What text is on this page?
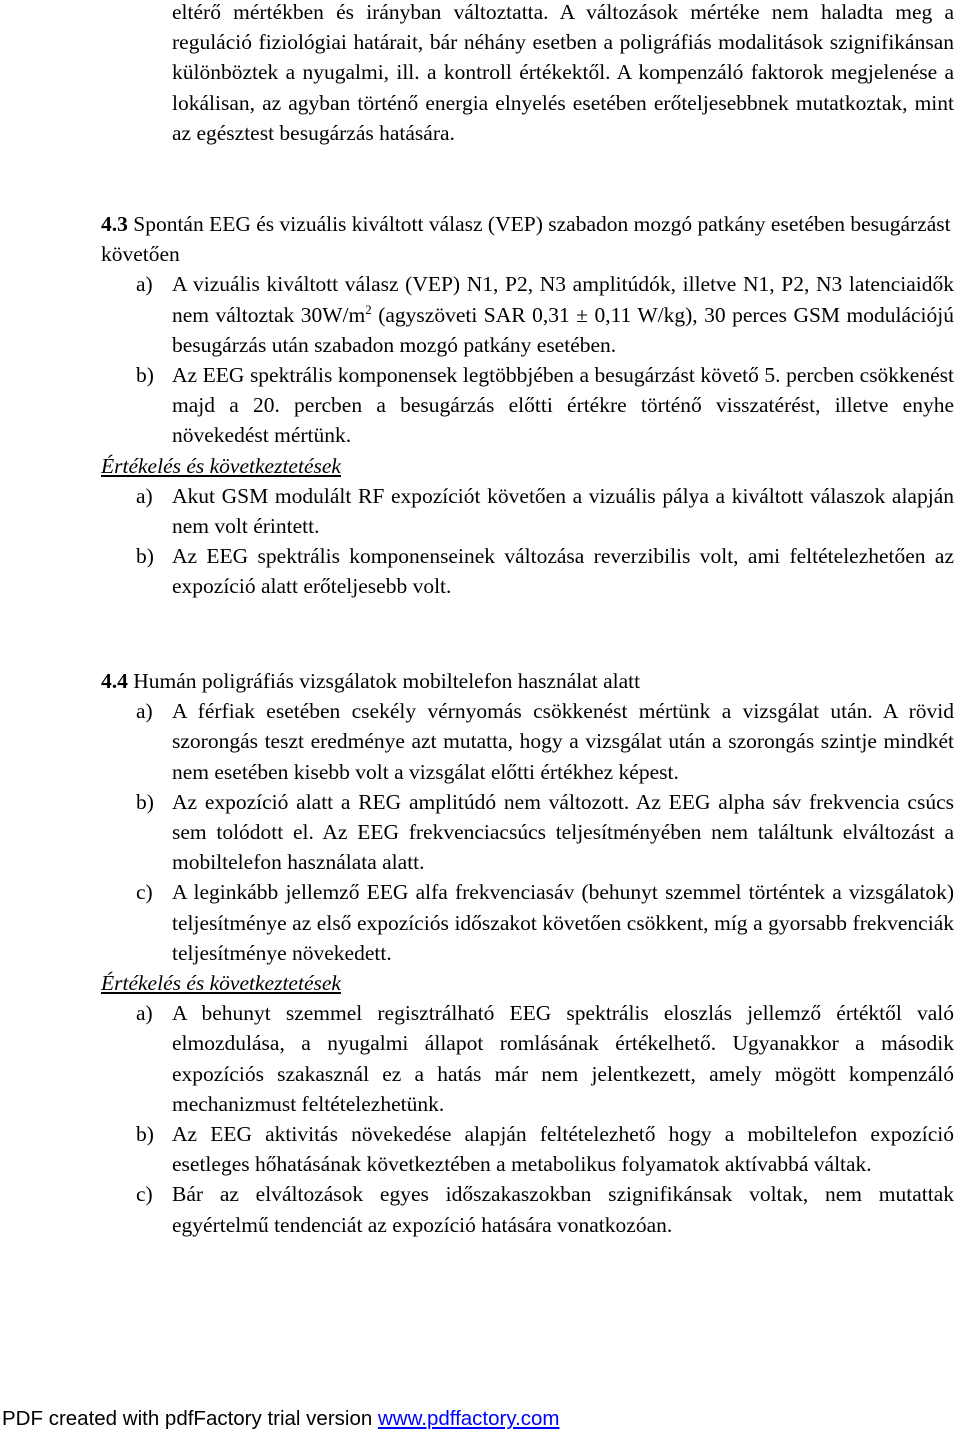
eltérő mértékben és irányban változtatta. A változások mértéke nem haladta meg a reguláció fiziológiai határait, bár néhány esetben a poligráfiás modalitások szignifikánsan különböztek a nyugalmi, ill. a kontroll értékektől. A kompenzáló faktorok megjelenése a lokálisan, az agyban történő energia elnyelés esetében erőteljesebbnek mutatkoztak, mint az egésztest besugárzás hatására.

4.3 Spontán EEG és vizuális kiváltott válasz (VEP) szabadon mozgó patkány esetében besugárzást követően
a) A vizuális kiváltott válasz (VEP) N1, P2, N3 amplitúdók, illetve N1, P2, N3 latenciaidők nem változtak $30W/m^2$ (agyszöveti SAR 0,31 ± 0,11 W/kg), 30 perces GSM modulációjú besugárzás után szabadon mozgó patkány esetében.

b) Az EEG spektrális komponensek legtöbbjében a besugárzást követő 5. percben csökkenést majd a 20. percben a besugárzás előtti értékre történő visszatérést, illetve enyhe növekedést mértünk.

Értékelés és következtetések

a) Akut GSM modulált RF expozíciót követően a vizuális pálya a kiváltott válaszok alapján nem volt érintett.

b) Az EEG spektrális komponenseinek változása reverzibilis volt, ami feltételezhetően az expozíció alatt erőteljesebb volt.

4.4 Humán poligráfiás vizsgálatok mobiltelefon használat alatt
a) A férfiak esetében csekély vérnyomás csökkenést mértünk a vizsgálat után. A rövid szorongás teszt eredménye azt mutatta, hogy a vizsgálat után a szorongás szintje mindkét nem esetében kisebb volt a vizsgálat előtti értékhez képest.

b) Az expozíció alatt a REG amplitúdó nem változott. Az EEG alpha sáv frekvencia csúcs sem tolódott el. Az EEG frekvenciacsúcs teljesítményében nem találtunk elváltozást a mobiltelefon használata alatt.

c) A leginkább jellemző EEG alfa frekvenciasáv (behunyt szemmel történtek a vizsgálatok) teljesítménye az első expozíciós időszakot követően csökkent, míg a gyorsabb frekvenciák teljesítménye növekedett.

Értékelés és következtetések

a) A behunyt szemmel regisztrálható EEG spektrális eloszlás jellemző értéktől való elmozdulása, a nyugalmi állapot romlásának értékelhető. Ugyanakkor a második expozíciós szakasznál ez a hatás már nem jelentkezett, amely mögött kompenzáló mechanizmust feltételezhetünk.

b) Az EEG aktivitás növekedése alapján feltételezhető hogy a mobiltelefon expozíció esetleges hőhatásának következtében a metabolikus folyamatok aktívabbá váltak.

c) Bár az elváltozások egyes időszakaszokban szignifikánsak voltak, nem mutattak egyértelmű tendenciát az expozíció hatására vonatkozóan.

PDF created with pdfFactory trial version www.pdffactory.com
